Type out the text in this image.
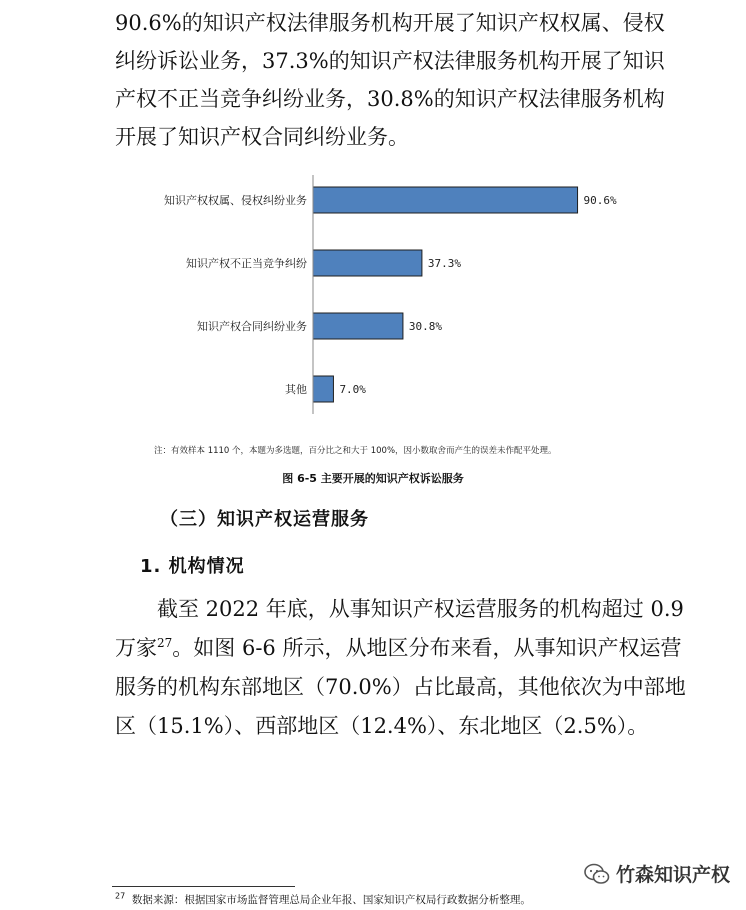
90.6%的知识产权法律服务机构开展了知识产权权属、侵权
纠纷诉讼业务，37.3%的知识产权法律服务机构开展了知识
产权不正当竞争纠纷业务，30.8%的知识产权法律服务机构
开展了知识产权合同纠纷业务。
知识产权权属、侵权纠纷业务	90.6%
知识产权不正当竞争纠纷	37.3%
知识产权合同纠纷业务	30.8%
其他	7.0%
注：有效样本 1110 个，本题为多选题，百分比之和大于 100%，因小数取舍而产生的误差未作配平处理。
图 6-5 主要开展的知识产权诉讼服务
（三）知识产权运营服务
1. 机构情况
截至 2022 年底，从事知识产权运营服务的机构超过 0.9
万家$^{27}$。如图 6-6 所示，从地区分布来看，从事知识产权运营
服务的机构东部地区（70.0%）占比最高，其他依次为中部地
区（15.1%）、西部地区（12.4%）、东北地区（2.5%）。
竹森知识产权
$^{27}$ 数据来源：根据国家市场监督管理总局企业年报、国家知识产权局行政数据分析整理。
